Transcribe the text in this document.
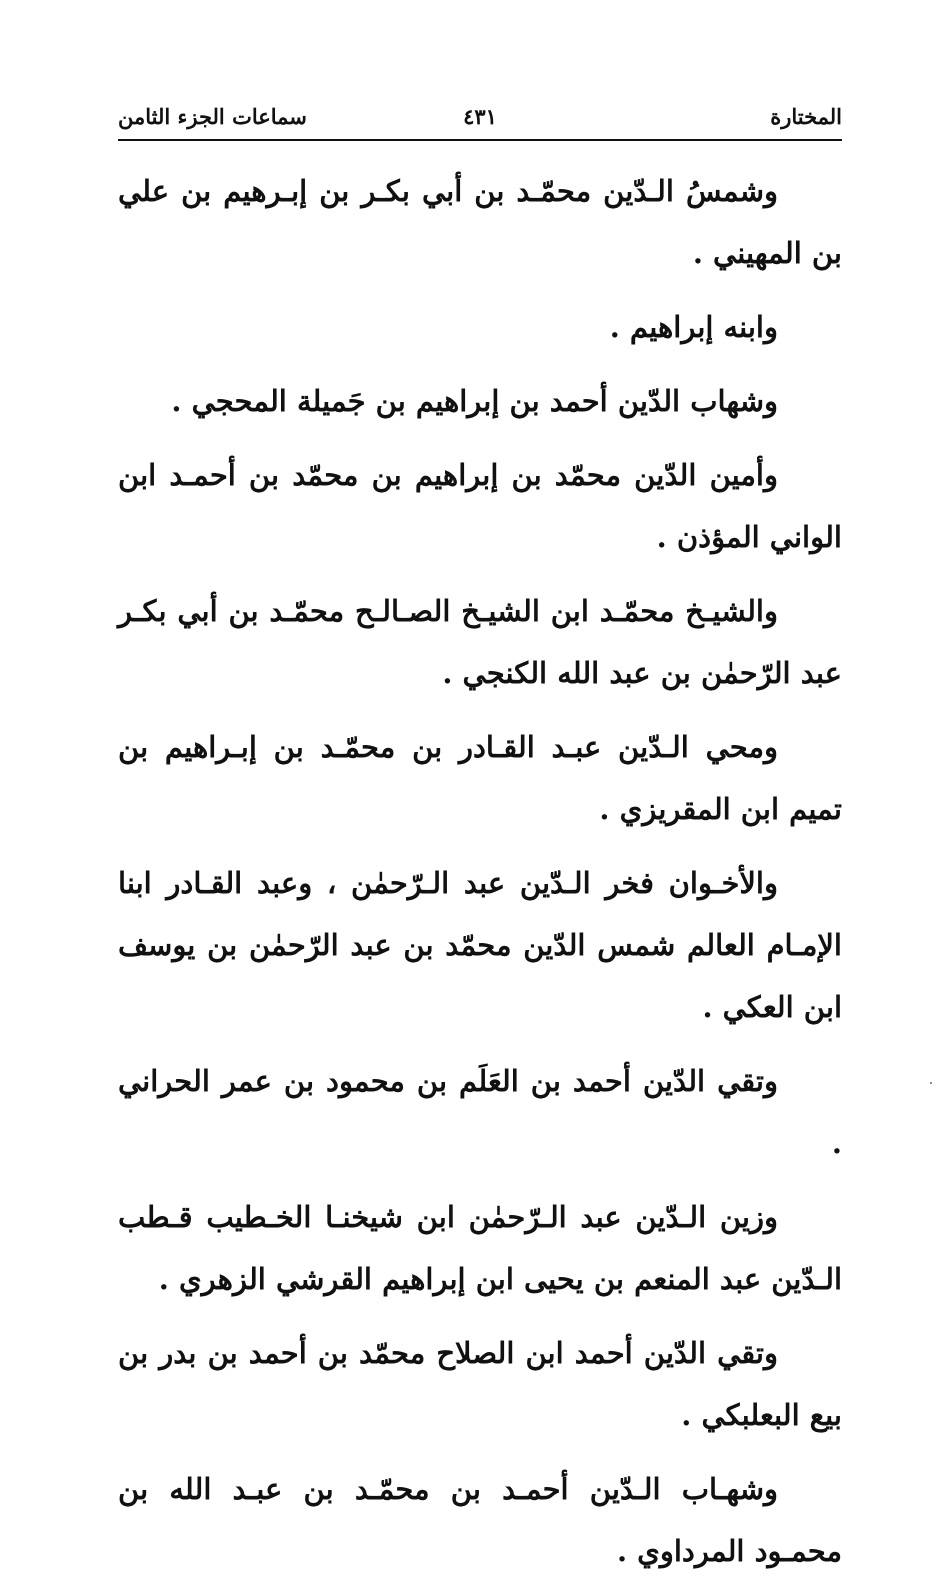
المختارة
٤٣١
سماعات الجزء الثامن

وشمسُ الـدّين محمّـد بن أبي بكـر بن إبـرهيم بن علي بن المهيني .

وابنه إبراهيم .

وشهاب الدّين أحمد بن إبراهيم بن جَميلة المحجي .

وأمين الدّين محمّد بن إبراهيم بن محمّد بن أحمـد ابن الواني المؤذن .

والشيـخ محمّـد ابن الشيـخ الصـالـح محمّـد بن أبي بكـر عبد الرّحمٰن بن عبد الله الكنجي .

ومحي الـدّين عبـد القـادر بن محمّـد بن إبـراهيم بن تميم ابن المقريزي .

والأخـوان فخر الـدّين عبد الـرّحمٰن ، وعبد القـادر ابنا الإمـام العالم شمس الدّين محمّد بن عبد الرّحمٰن بن يوسف ابن العكي .

وتقي الدّين أحمد بن العَلَم بن محمود بن عمر الحراني .

وزين الـدّين عبد الـرّحمٰن ابن شيخنـا الخـطيب قـطب الـدّين عبد المنعم بن يحيى ابن إبراهيم القرشي الزهري .

وتقي الدّين أحمد ابن الصلاح محمّد بن أحمد بن بدر بن بيع البعلبكي .

وشهـاب الـدّين أحمـد بن محمّـد بن عبـد الله بن محمـود المرداوي .
